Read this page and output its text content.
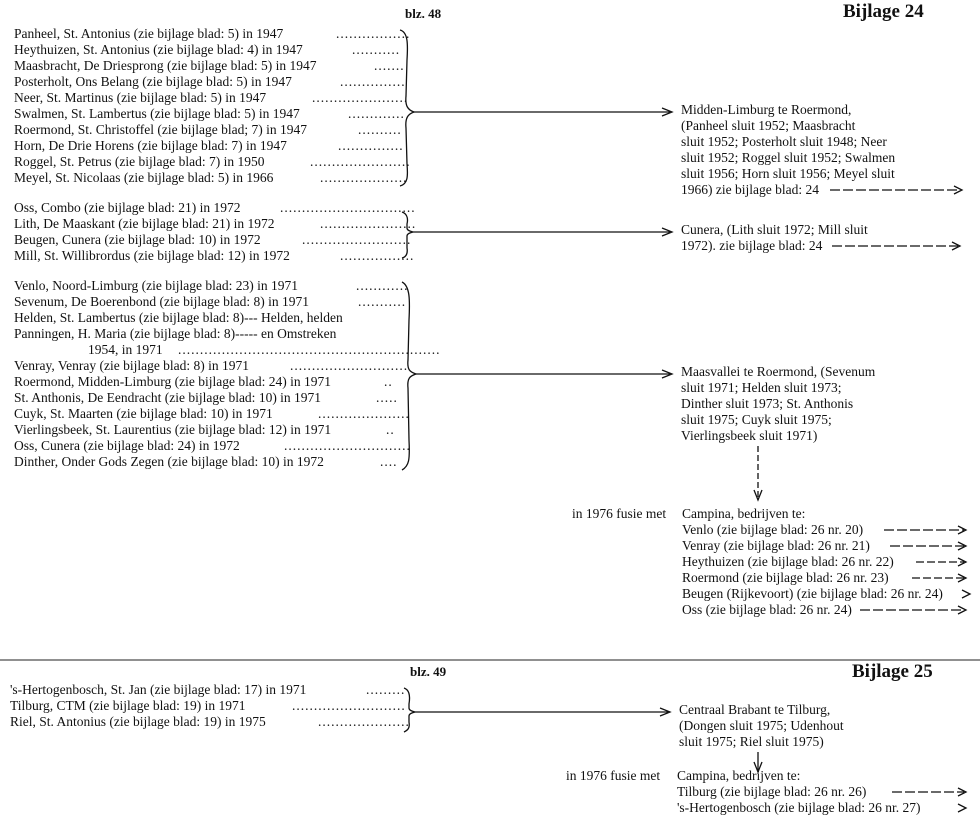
blz. 48	Bijlage 24
Panheel, St. Antonius (zie bijlage blad: 5) in 1947
Heythuizen, St. Antonius (zie bijlage blad: 4) in 1947
Maasbracht, De Driesprong (zie bijlage blad: 5) in 1947
Posterholt, Ons Belang (zie bijlage blad: 5) in 1947
Neer, St. Martinus (zie bijlage blad: 5) in 1947
Swalmen, St. Lambertus (zie bijlage blad: 5) in 1947
Roermond, St. Christoffel (zie bijlage blad; 7) in 1947
Horn, De Drie Horens (zie bijlage blad: 7) in 1947
Roggel, St. Petrus (zie bijlage blad: 7) in 1950
Meyel, St. Nicolaas (zie bijlage blad: 5) in 1966
Midden-Limburg te Roermond,
(Panheel sluit 1952; Maasbracht
sluit 1952; Posterholt sluit 1948; Neer
sluit 1952; Roggel sluit 1952; Swalmen
sluit 1956; Horn sluit 1956; Meyel sluit
1966) zie bijlage blad: 24
Oss, Combo (zie bijlage blad: 21) in 1972
Lith, De Maaskant (zie bijlage blad: 21) in 1972
Beugen, Cunera (zie bijlage blad: 10) in 1972
Mill, St. Willibrordus (zie bijlage blad: 12) in 1972
Cunera, (Lith sluit 1972; Mill sluit
1972). zie bijlage blad: 24
Venlo, Noord-Limburg (zie bijlage blad: 23) in 1971
Sevenum, De Boerenbond (zie bijlage blad: 8) in 1971
Helden, St. Lambertus (zie bijlage blad: 8)--- Helden, helden
Panningen, H. Maria (zie bijlage blad: 8)----- en Omstreken
1954, in 1971
Venray, Venray (zie bijlage blad: 8) in 1971
Roermond, Midden-Limburg (zie bijlage blad: 24) in 1971
St. Anthonis, De Eendracht (zie bijlage blad: 10) in 1971
Cuyk, St. Maarten (zie bijlage blad: 10) in 1971
Vierlingsbeek, St. Laurentius (zie bijlage blad: 12) in 1971
Oss, Cunera (zie bijlage blad: 24) in 1972
Dinther, Onder Gods Zegen (zie bijlage blad: 10) in 1972
Maasvallei te Roermond, (Sevenum
sluit 1971; Helden sluit 1973;
Dinther sluit 1973; St. Anthonis
sluit 1975; Cuyk sluit 1975;
Vierlingsbeek sluit 1971)
in 1976 fusie met Campina, bedrijven te:
Venlo (zie bijlage blad: 26 nr. 20)
Venray (zie bijlage blad: 26 nr. 21)
Heythuizen (zie bijlage blad: 26 nr. 22)
Roermond (zie bijlage blad: 26 nr. 23)
Beugen (Rijkevoort) (zie bijlage blad: 26 nr. 24)
Oss (zie bijlage blad: 26 nr. 24)
blz. 49	Bijlage 25
's-Hertogenbosch, St. Jan (zie bijlage blad: 17) in 1971
Tilburg, CTM (zie bijlage blad: 19) in 1971
Riel, St. Antonius (zie bijlage blad: 19) in 1975
Centraal Brabant te Tilburg,
(Dongen sluit 1975; Udenhout
sluit 1975; Riel sluit 1975)
in 1976 fusie met Campina, bedrijven te:
Tilburg (zie bijlage blad: 26 nr. 26)
's-Hertogenbosch (zie bijlage blad: 26 nr. 27)
.................
...........
.......
...............
......................
.............
..........
...............
.......................
....................
...............................
......................
.........................
.................
............
...........
............................................................
...........................
..
.....
.....................
..
.............................
....
.........
..........................
.....................
